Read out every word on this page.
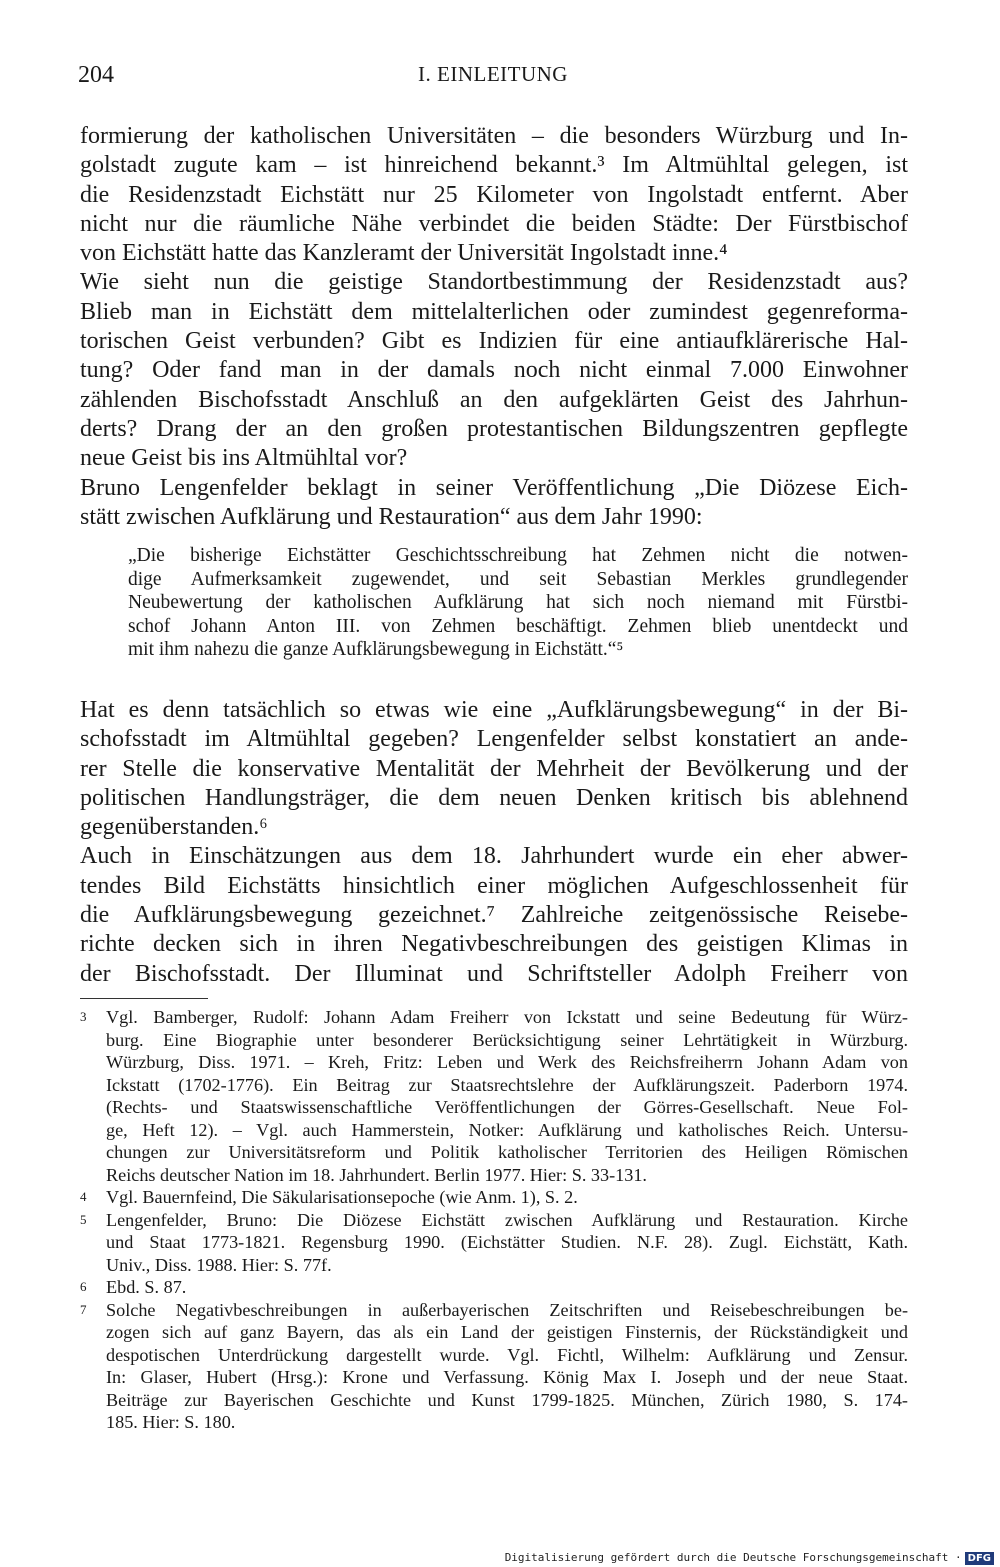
204	I. EINLEITUNG
formierung der katholischen Universitäten – die besonders Würzburg und In-
golstadt zugute kam – ist hinreichend bekannt.³ Im Altmühltal gelegen, ist
die Residenzstadt Eichstätt nur 25 Kilometer von Ingolstadt entfernt. Aber
nicht nur die räumliche Nähe verbindet die beiden Städte: Der Fürstbischof
von Eichstätt hatte das Kanzleramt der Universität Ingolstadt inne.⁴
Wie sieht nun die geistige Standortbestimmung der Residenzstadt aus?
Blieb man in Eichstätt dem mittelalterlichen oder zumindest gegenreforma-
torischen Geist verbunden? Gibt es Indizien für eine antiaufklärerische Hal-
tung? Oder fand man in der damals noch nicht einmal 7.000 Einwohner
zählenden Bischofsstadt Anschluß an den aufgeklärten Geist des Jahrhun-
derts? Drang der an den großen protestantischen Bildungszentren gepflegte
neue Geist bis ins Altmühltal vor?
Bruno Lengenfelder beklagt in seiner Veröffentlichung „Die Diözese Eich-
stätt zwischen Aufklärung und Restauration“ aus dem Jahr 1990:
„Die bisherige Eichstätter Geschichtsschreibung hat Zehmen nicht die notwen-
dige Aufmerksamkeit zugewendet, und seit Sebastian Merkles grundlegender
Neubewertung der katholischen Aufklärung hat sich noch niemand mit Fürstbi-
schof Johann Anton III. von Zehmen beschäftigt. Zehmen blieb unentdeckt und
mit ihm nahezu die ganze Aufklärungsbewegung in Eichstätt.“⁵
Hat es denn tatsächlich so etwas wie eine „Aufklärungsbewegung“ in der Bi-
schofsstadt im Altmühltal gegeben? Lengenfelder selbst konstatiert an ande-
rer Stelle die konservative Mentalität der Mehrheit der Bevölkerung und der
politischen Handlungsträger, die dem neuen Denken kritisch bis ablehnend
gegenüberstanden.⁶
Auch in Einschätzungen aus dem 18. Jahrhundert wurde ein eher abwer-
tendes Bild Eichstätts hinsichtlich einer möglichen Aufgeschlossenheit für
die Aufklärungsbewegung gezeichnet.⁷ Zahlreiche zeitgenössische Reisebe-
richte decken sich in ihren Negativbeschreibungen des geistigen Klimas in
der Bischofsstadt. Der Illuminat und Schriftsteller Adolph Freiherr von
3 Vgl. Bamberger, Rudolf: Johann Adam Freiherr von Ickstatt und seine Bedeutung für Würz-
burg. Eine Biographie unter besonderer Berücksichtigung seiner Lehrtätigkeit in Würzburg.
Würzburg, Diss. 1971. – Kreh, Fritz: Leben und Werk des Reichsfreiherrn Johann Adam von
Ickstatt (1702-1776). Ein Beitrag zur Staatsrechtslehre der Aufklärungszeit. Paderborn 1974.
(Rechts- und Staatswissenschaftliche Veröffentlichungen der Görres-Gesellschaft. Neue Fol-
ge, Heft 12). – Vgl. auch Hammerstein, Notker: Aufklärung und katholisches Reich. Untersu-
chungen zur Universitätsreform und Politik katholischer Territorien des Heiligen Römischen
Reichs deutscher Nation im 18. Jahrhundert. Berlin 1977. Hier: S. 33-131.
4 Vgl. Bauernfeind, Die Säkularisationsepoche (wie Anm. 1), S. 2.
5 Lengenfelder, Bruno: Die Diözese Eichstätt zwischen Aufklärung und Restauration. Kirche
und Staat 1773-1821. Regensburg 1990. (Eichstätter Studien. N.F. 28). Zugl. Eichstätt, Kath.
Univ., Diss. 1988. Hier: S. 77f.
6 Ebd. S. 87.
7 Solche Negativbeschreibungen in außerbayerischen Zeitschriften und Reisebeschreibungen be-
zogen sich auf ganz Bayern, das als ein Land der geistigen Finsternis, der Rückständigkeit und
despotischen Unterdrückung dargestellt wurde. Vgl. Fichtl, Wilhelm: Aufklärung und Zensur.
In: Glaser, Hubert (Hrsg.): Krone und Verfassung. König Max I. Joseph und der neue Staat.
Beiträge zur Bayerischen Geschichte und Kunst 1799-1825. München, Zürich 1980, S. 174-
185. Hier: S. 180.
Digitalisierung gefördert durch die Deutsche Forschungsgemeinschaft · DFG
